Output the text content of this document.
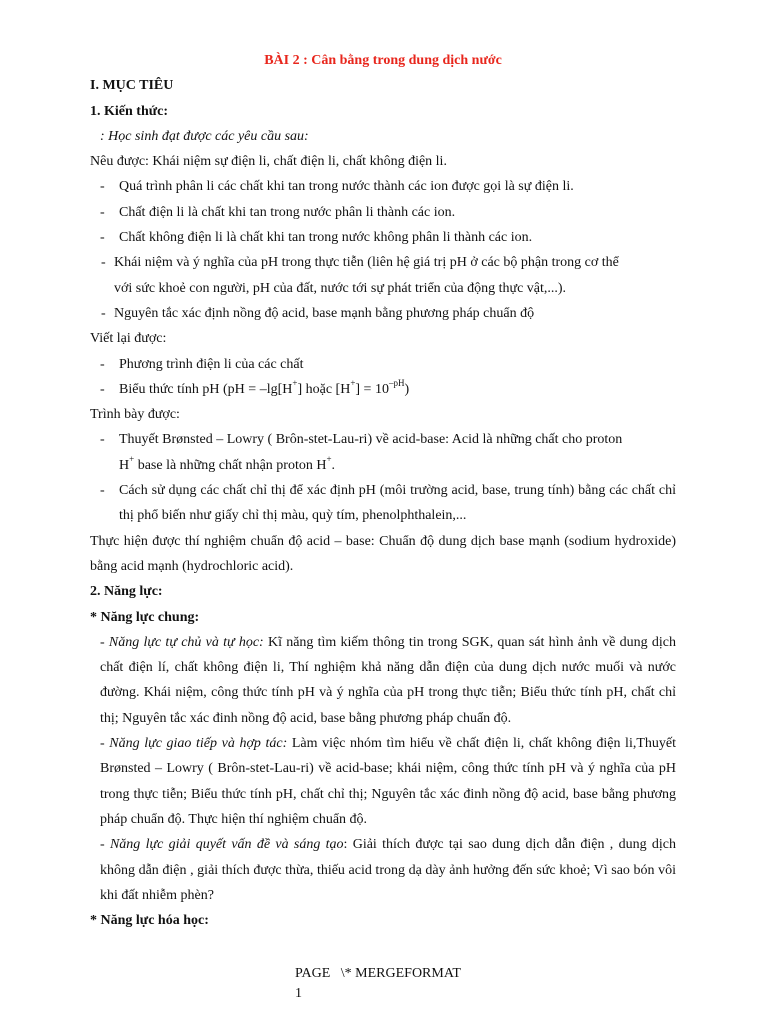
BÀI 2 : Cân bằng trong dung dịch nước

I. MỤC TIÊU

1. Kiến thức:

: Học sinh đạt được các yêu cầu sau:

Nêu được: Khái niệm sự điện li, chất điện li, chất không điện li.

- Quá trình phân li các chất khi tan trong nước thành các ion được gọi là sự điện li.
- Chất điện li là chất khi tan trong nước phân li thành các ion.
- Chất không điện li là chất khi tan trong nước không phân li thành các ion.
- Khái niệm và ý nghĩa của pH trong thực tiễn (liên hệ giá trị pH ở các bộ phận trong cơ thể
với sức khoẻ con người, pH của đất, nước tới sự phát triển của động thực vật,...).
- Nguyên tắc xác định nồng độ acid, base mạnh bằng phương pháp chuẩn độ

Viết lại được:

- Phương trình điện li của các chất
- Biểu thức tính pH (pH = –lg[H+] hoặc $[H^+] = 10^{-pH}$)

Trình bày được:

- Thuyết Brønsted – Lowry ( Brôn-stet-Lau-ri) về acid-base: Acid là những chất cho proton
H+ base là những chất nhận proton H+.
- Cách sử dụng các chất chỉ thị để xác định pH (môi trường acid, base, trung tính) bằng các chất chỉ thị phổ biến như giấy chỉ thị màu, quỳ tím, phenolphthalein,...

Thực hiện được thí nghiệm chuẩn độ acid – base: Chuẩn độ dung dịch base mạnh (sodium hydroxide) bằng acid mạnh (hydrochloric acid).

2. Năng lực:

* Năng lực chung:

- Năng lực tự chủ và tự học: Kĩ năng tìm kiếm thông tin trong SGK, quan sát hình ảnh về dung dịch chất điện lí, chất không điện li, Thí nghiệm khả năng dẫn điện của dung dịch nước muối và nước đường. Khái niệm, công thức tính pH và ý nghĩa của pH trong thực tiễn; Biểu thức tính pH, chất chỉ thị; Nguyên tắc xác đinh nồng độ acid, base bằng phương pháp chuẩn độ.

- Năng lực giao tiếp và hợp tác: Làm việc nhóm tìm hiểu về chất điện li, chất không điện li,Thuyết Brønsted – Lowry ( Brôn-stet-Lau-ri) về acid-base; khái niệm, công thức tính pH và ý nghĩa của pH trong thực tiễn; Biểu thức tính pH, chất chỉ thị; Nguyên tắc xác đinh nồng độ acid, base bằng phương pháp chuẩn độ. Thực hiện thí nghiệm chuẩn độ.

- Năng lực giải quyết vấn đề và sáng tạo: Giải thích được tại sao dung dịch dẫn điện , dung dịch không dẫn điện , giải thích được thừa, thiếu acid trong dạ dày ảnh hưởng đến sức khoẻ; Vì sao bón vôi khi đất nhiễm phèn?

* Năng lực hóa học:

PAGE   \* MERGEFORMAT
1
